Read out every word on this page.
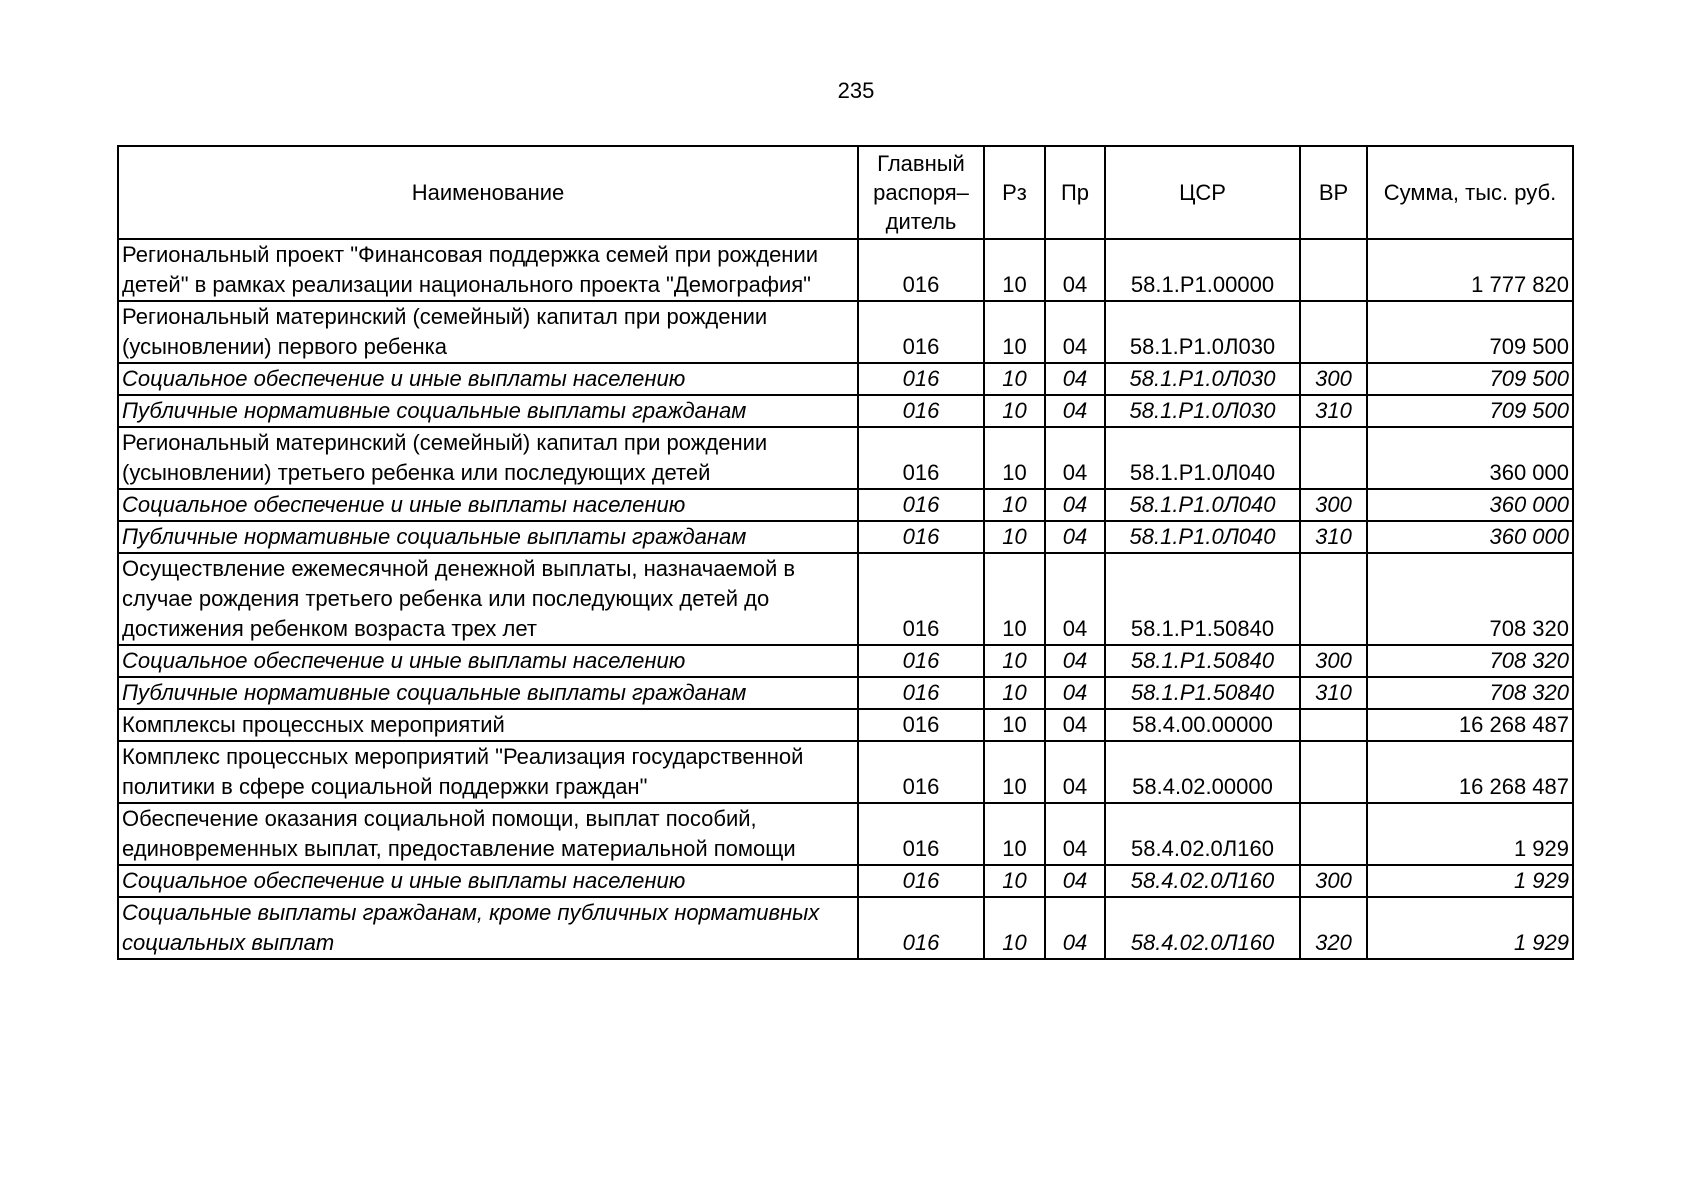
235
Наименование	Главный распоря– дитель	Рз	Пр	ЦСР	ВР	Сумма, тыс. руб.
Региональный проект "Финансовая поддержка семей при рождении детей" в рамках реализации национального проекта "Демография"	016	10	04	58.1.Р1.00000		1 777 820
Региональный материнский (семейный) капитал при рождении (усыновлении) первого ребенка	016	10	04	58.1.Р1.0Л030		709 500
Социальное обеспечение и иные выплаты населению	016	10	04	58.1.Р1.0Л030	300	709 500
Публичные нормативные социальные выплаты гражданам	016	10	04	58.1.Р1.0Л030	310	709 500
Региональный материнский (семейный) капитал при рождении (усыновлении) третьего ребенка или последующих детей	016	10	04	58.1.Р1.0Л040		360 000
Социальное обеспечение и иные выплаты населению	016	10	04	58.1.Р1.0Л040	300	360 000
Публичные нормативные социальные выплаты гражданам	016	10	04	58.1.Р1.0Л040	310	360 000
Осуществление ежемесячной денежной выплаты, назначаемой в случае рождения третьего ребенка или последующих детей до достижения ребенком возраста трех лет	016	10	04	58.1.Р1.50840		708 320
Социальное обеспечение и иные выплаты населению	016	10	04	58.1.Р1.50840	300	708 320
Публичные нормативные социальные выплаты гражданам	016	10	04	58.1.Р1.50840	310	708 320
Комплексы процессных мероприятий	016	10	04	58.4.00.00000		16 268 487
Комплекс процессных мероприятий "Реализация государственной политики в сфере социальной поддержки граждан"	016	10	04	58.4.02.00000		16 268 487
Обеспечение оказания социальной помощи, выплат пособий, единовременных выплат, предоставление материальной помощи	016	10	04	58.4.02.0Л160		1 929
Социальное обеспечение и иные выплаты населению	016	10	04	58.4.02.0Л160	300	1 929
Социальные выплаты гражданам, кроме публичных нормативных социальных выплат	016	10	04	58.4.02.0Л160	320	1 929
